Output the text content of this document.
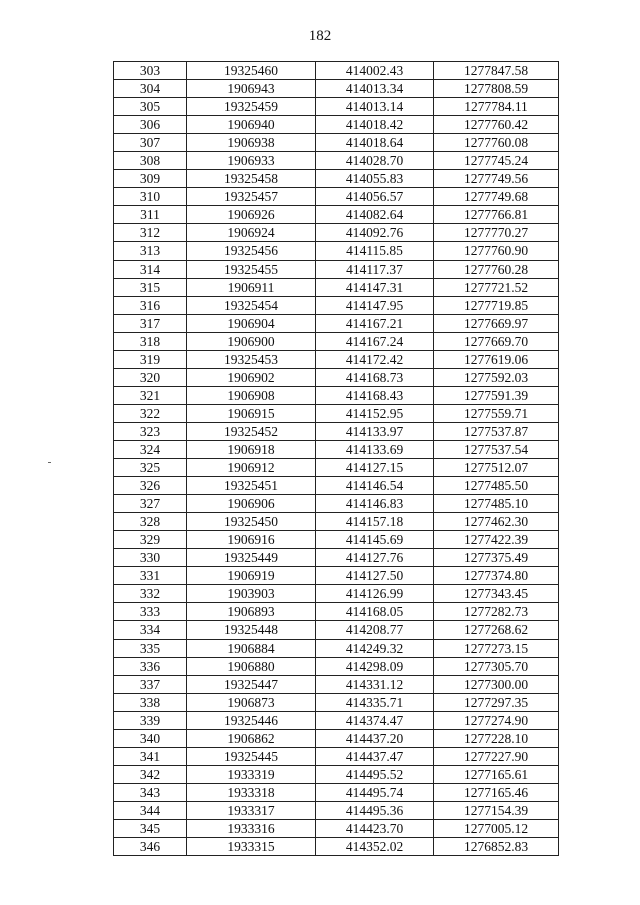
182
303	19325460	414002.43	1277847.58
304	1906943	414013.34	1277808.59
305	19325459	414013.14	1277784.11
306	1906940	414018.42	1277760.42
307	1906938	414018.64	1277760.08
308	1906933	414028.70	1277745.24
309	19325458	414055.83	1277749.56
310	19325457	414056.57	1277749.68
311	1906926	414082.64	1277766.81
312	1906924	414092.76	1277770.27
313	19325456	414115.85	1277760.90
314	19325455	414117.37	1277760.28
315	1906911	414147.31	1277721.52
316	19325454	414147.95	1277719.85
317	1906904	414167.21	1277669.97
318	1906900	414167.24	1277669.70
319	19325453	414172.42	1277619.06
320	1906902	414168.73	1277592.03
321	1906908	414168.43	1277591.39
322	1906915	414152.95	1277559.71
323	19325452	414133.97	1277537.87
324	1906918	414133.69	1277537.54
325	1906912	414127.15	1277512.07
326	19325451	414146.54	1277485.50
327	1906906	414146.83	1277485.10
328	19325450	414157.18	1277462.30
329	1906916	414145.69	1277422.39
330	19325449	414127.76	1277375.49
331	1906919	414127.50	1277374.80
332	1903903	414126.99	1277343.45
333	1906893	414168.05	1277282.73
334	19325448	414208.77	1277268.62
335	1906884	414249.32	1277273.15
336	1906880	414298.09	1277305.70
337	19325447	414331.12	1277300.00
338	1906873	414335.71	1277297.35
339	19325446	414374.47	1277274.90
340	1906862	414437.20	1277228.10
341	19325445	414437.47	1277227.90
342	1933319	414495.52	1277165.61
343	1933318	414495.74	1277165.46
344	1933317	414495.36	1277154.39
345	1933316	414423.70	1277005.12
346	1933315	414352.02	1276852.83
